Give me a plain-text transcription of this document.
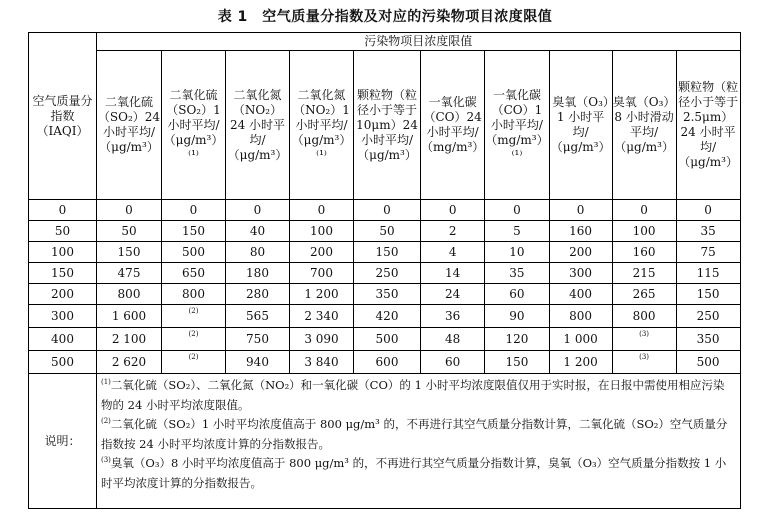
表 1　空气质量分指数及对应的污染物项目浓度限值
空气质量分指数（IAQI）	污染物项目浓度限值									
	二氧化硫（SO₂）24 小时平均/（μg/m³）	二氧化硫（SO₂）1 小时平均/（μg/m³）⁽¹⁾	二氧化氮（NO₂）24 小时平均/（μg/m³）	二氧化氮（NO₂）1 小时平均/（μg/m³）⁽¹⁾	颗粒物（粒径小于等于 10μm）24 小时平均/（μg/m³）	一氧化碳（CO）24 小时平均/（mg/m³）	一氧化碳（CO）1 小时平均/（mg/m³）⁽¹⁾	臭氧（O₃）1 小时平均/（μg/m³）	臭氧（O₃）8 小时滑动平均/（μg/m³）	颗粒物（粒径小于等于 2.5μm）24 小时平均/（μg/m³）
0	0	0	0	0	0	0	0	0	0	0
50	50	150	40	100	50	2	5	160	100	35
100	150	500	80	200	150	4	10	200	160	75
150	475	650	180	700	250	14	35	300	215	115
200	800	800	280	1 200	350	24	60	400	265	150
300	1 600	(2)	565	2 340	420	36	90	800	800	250
400	2 100	(2)	750	3 090	500	48	120	1 000	(3)	350
500	2 620	(2)	940	3 840	600	60	150	1 200	(3)	500
说明：	$^{(1)}$二氧化硫（SO₂）、二氧化氮（NO₂）和一氧化碳（CO）的 1 小时平均浓度限值仅用于实时报，在日报中需使用相应污染物的 24 小时平均浓度限值。

$^{(2)}$二氧化硫（SO₂）1 小时平均浓度值高于 800 μg/m³ 的，不再进行其空气质量分指数计算，二氧化硫（SO₂）空气质量分指数按 24 小时平均浓度计算的分指数报告。

$^{(3)}$臭氧（O₃）8 小时平均浓度值高于 800 μg/m³ 的，不再进行其空气质量分指数计算，臭氧（O₃）空气质量分指数按 1 小时平均浓度计算的分指数报告。									
